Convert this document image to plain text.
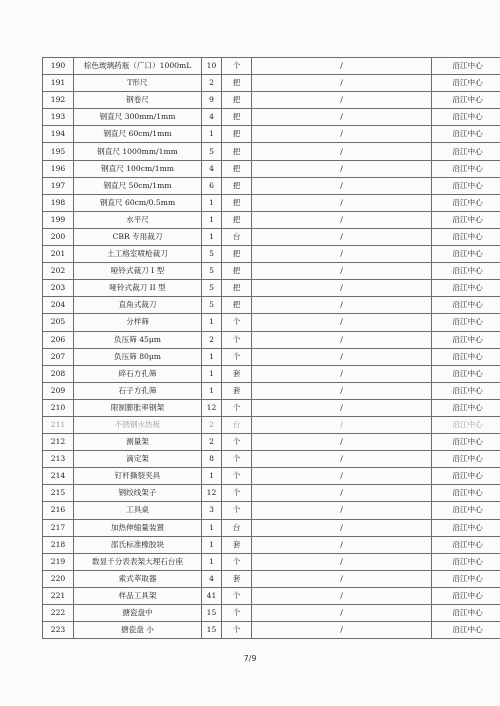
190	棕色玻璃药瓶（广口）1000mL	10	个	/	沿江中心
191	T形尺	2	把	/	沿江中心
192	钢卷尺	9	把	/	沿江中心
193	钢直尺 300mm/1mm	4	把	/	沿江中心
194	钢直尺 60cm/1mm	1	把	/	沿江中心
195	钢直尺 1000mm/1mm	5	把	/	沿江中心
196	钢直尺 100cm/1mm	4	把	/	沿江中心
197	钢直尺 50cm/1mm	6	把	/	沿江中心
198	钢直尺 60cm/0.5mm	1	把	/	沿江中心
199	水平尺	1	把	/	沿江中心
200	CBR 专用裁刀	1	台	/	沿江中心
201	土工格室喷枪裁刀	5	把	/	沿江中心
202	哑铃式裁刀 I 型	5	把	/	沿江中心
203	哑铃式裁刀 II 型	5	把	/	沿江中心
204	直角式裁刀	5	把	/	沿江中心
205	分样筛	1	个	/	沿江中心
206	负压筛 45μm	2	个	/	沿江中心
207	负压筛 80μm	1	个	/	沿江中心
208	碎石方孔筛	1	套	/	沿江中心
209	石子方孔筛	1	套	/	沿江中心
210	限制膨胀率钢架	12	个	/	沿江中心
211	不锈钢水热板	2	台	/	沿江中心
212	测量架	2	个	/	沿江中心
213	滴定架	8	个	/	沿江中心
214	钉杆撕裂夹具	1	个	/	沿江中心
215	钢绞线架子	12	个	/	沿江中心
216	工具桌	3	个	/	沿江中心
217	加热伸缩量装置	1	台	/	沿江中心
218	邵氏标准橡胶块	1	套	/	沿江中心
219	数显千分表表架大理石台座	1	个	/	沿江中心
220	索式萃取器	4	套	/	沿江中心
221	样品工具架	41	个	/	沿江中心
222	搪瓷盘中	15	个	/	沿江中心
223	搪瓷盘 小	15	个	/	沿江中心
7/9
